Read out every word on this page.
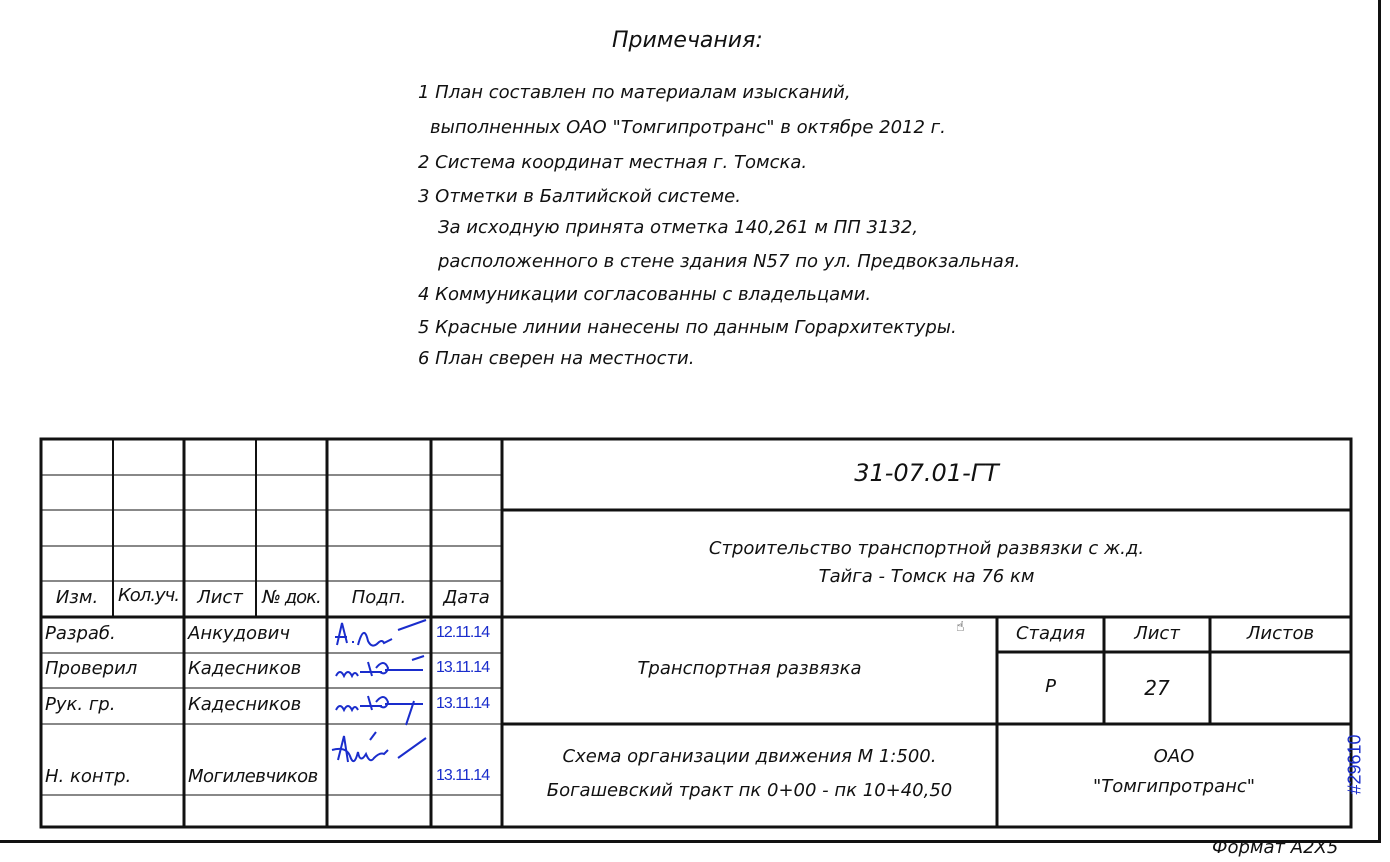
Примечания:
1 План составлен по материалам изысканий,
выполненных ОАО "Томгипротранс" в октябре 2012 г.
2 Система координат местная г. Томска.
3 Отметки в Балтийской системе.
За исходную принята отметка 140,261 м ПП 3132,
расположенного в стене здания N57 по ул. Предвокзальная.
4 Коммуникации согласованны с владельцами.
5 Красные линии нанесены по данным Горархитектуры.
6 План сверен на местности.
31-07.01-ГТ
Строительство транспортной развязки с ж.д.
Тайга - Томск на 76 км
Изм.	Кол.уч.	Лист	№ док.	Подп.	Дата
Разраб.	Анкудович	12.11.14
Проверил	Кадесников	13.11.14
Рук. гр.	Кадесников	13.11.14
Н. контр.	Могилевчиков	13.11.14
Транспортная развязка
☝	Стадия	Лист	Листов
Р	27
Схема организации движения М 1:500.
Богашевский тракт пк 0+00 - пк 10+40,50
ОАО
"Томгипротранс"	#29610
Формат А2Х5
